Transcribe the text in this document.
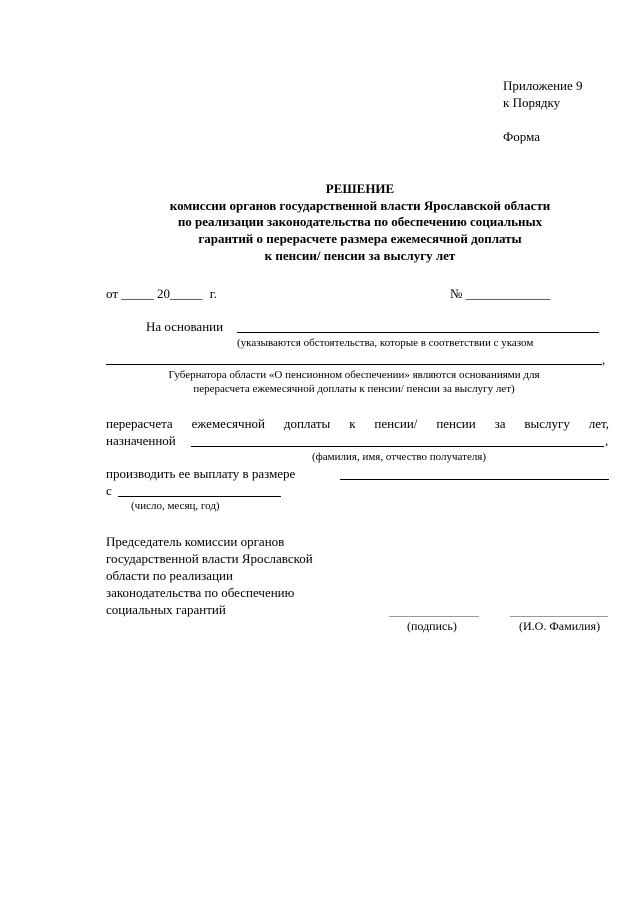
Приложение 9
к Порядку
Форма
РЕШЕНИЕ
комиссии органов государственной власти Ярославской области
по реализации законодательства по обеспечению социальных
гарантий о перерасчете размера ежемесячной доплаты
к пенсии/ пенсии за выслугу лет
от _____ 20_____ г.	№ _____________
На основании
(указываются обстоятельства, которые в соответствии с указом
,
Губернатора области «О пенсионном обеспечении» являются основаниями для
перерасчета ежемесячной доплаты к пенсии/ пенсии за выслугу лет)
перерасчета ежемесячной доплаты к пенсии/ пенсии за выслугу лет,
назначенной	,
(фамилия, имя, отчество получателя)
производить ее выплату в размере
с
(число, месяц, год)
Председатель комиссии органов
государственной власти Ярославской
области по реализации
законодательства по обеспечению
социальных гарантий
(подпись)	(И.О. Фамилия)
